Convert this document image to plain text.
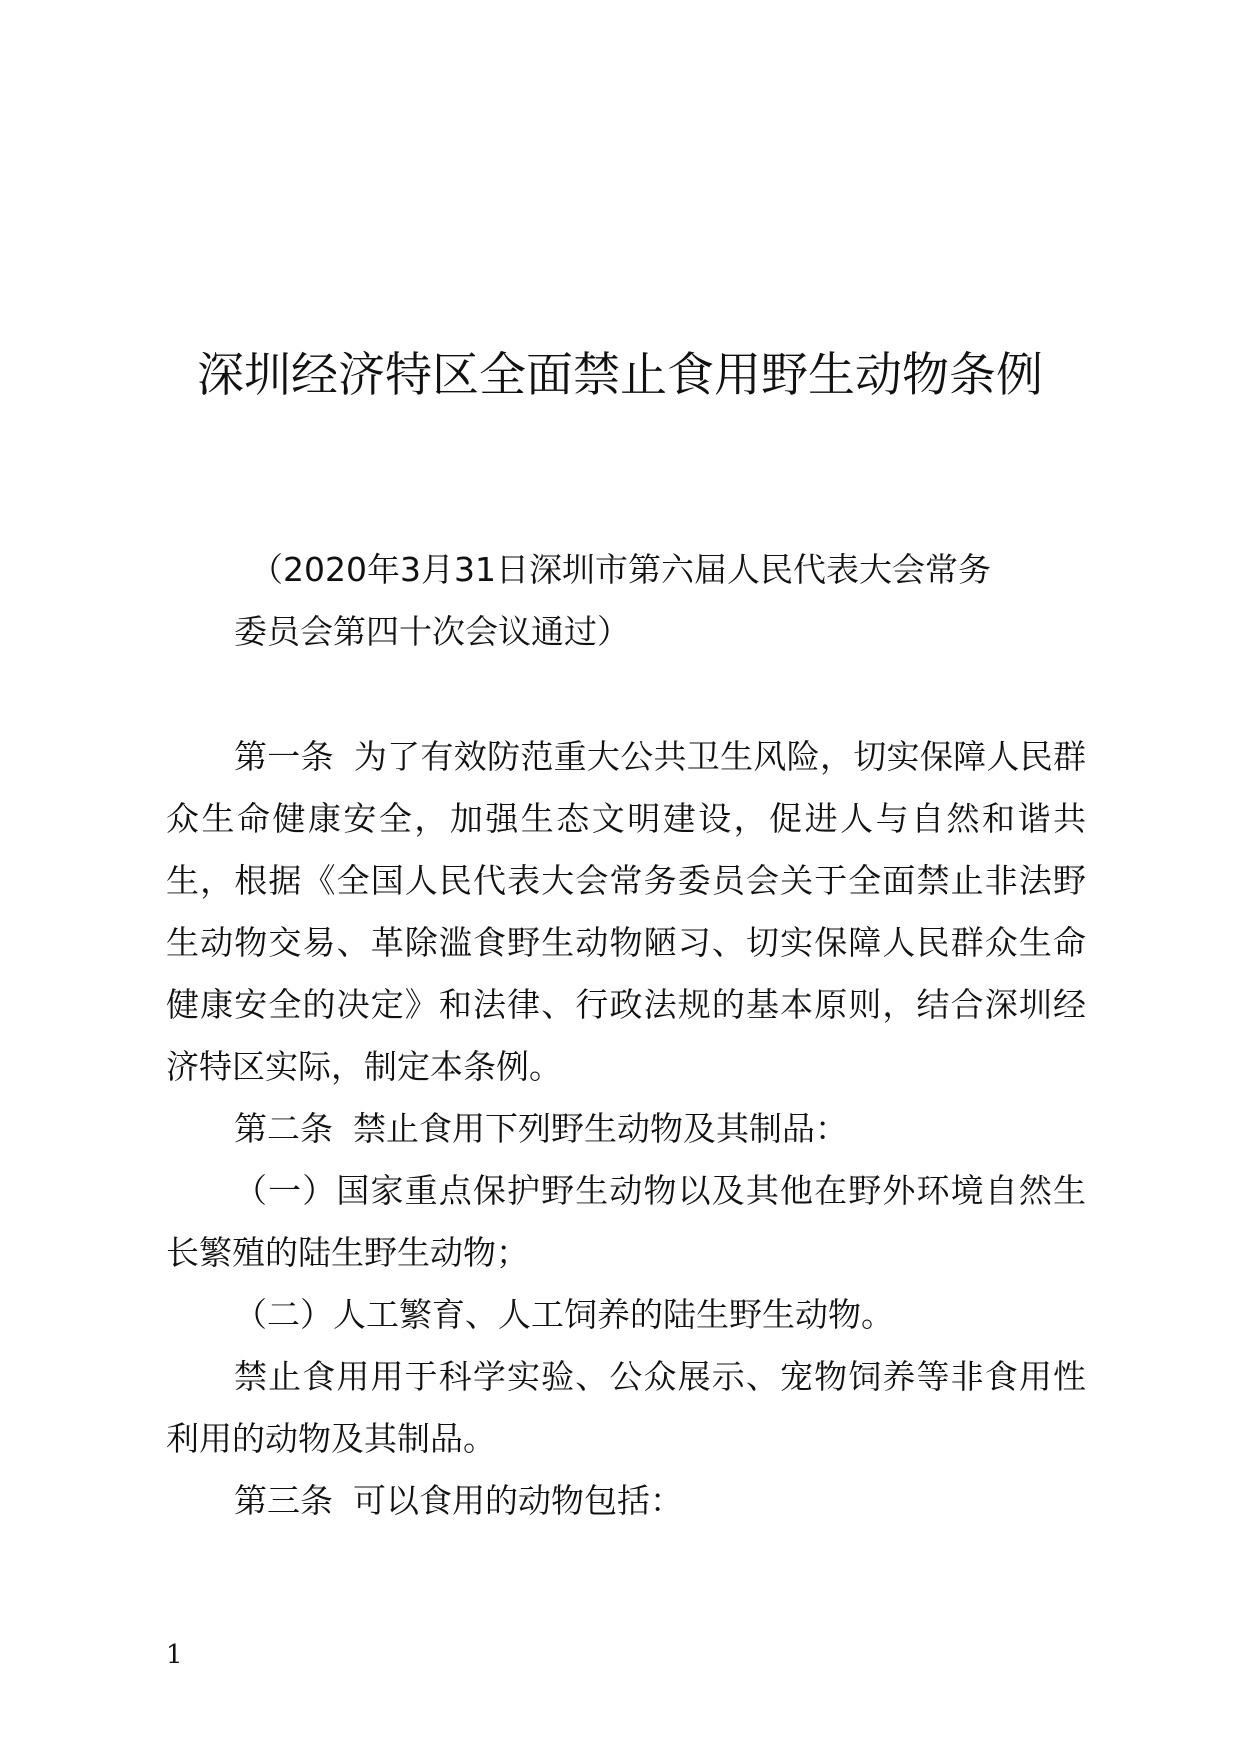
深圳经济特区全面禁止食用野生动物条例

（2020年3月31日深圳市第六届人民代表大会常务

委员会第四十次会议通过）

第一条 为了有效防范重大公共卫生风险，切实保障人民群众生命健康安全，加强生态文明建设，促进人与自然和谐共生，根据《全国人民代表大会常务委员会关于全面禁止非法野生动物交易、革除滥食野生动物陋习、切实保障人民群众生命健康安全的决定》和法律、行政法规的基本原则，结合深圳经济特区实际，制定本条例。

第二条 禁止食用下列野生动物及其制品：

（一）国家重点保护野生动物以及其他在野外环境自然生长繁殖的陆生野生动物；

（二）人工繁育、人工饲养的陆生野生动物。

禁止食用用于科学实验、公众展示、宠物饲养等非食用性利用的动物及其制品。

第三条 可以食用的动物包括：

1
